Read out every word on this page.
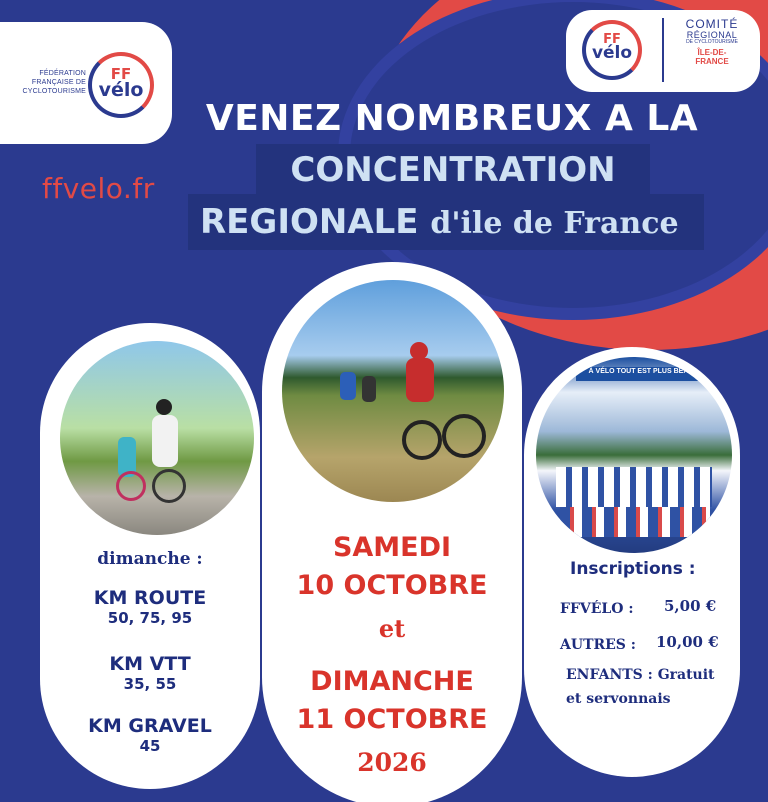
FÉDÉRATION FRANÇAISE DE CYCLOTOURISME
FF
vélo
FF
vélo
COMITÉ
RÉGIONAL
DE CYCLOTOURISME
ÎLE-DE-
FRANCE
ffvelo.fr
VENEZ NOMBREUX A LA
CONCENTRATION
REGIONALE d'ile de France
dimanche :
KM ROUTE
50, 75, 95
KM VTT
35, 55
KM GRAVEL
45
SAMEDI
10 OCTOBRE
et
DIMANCHE
11 OCTOBRE
2026
À VÉLO TOUT EST PLUS BEAU
Inscriptions :
FFVÉLO : 5,00 €
AUTRES : 10,00 €
ENFANTS : Gratuit
et servonnais
